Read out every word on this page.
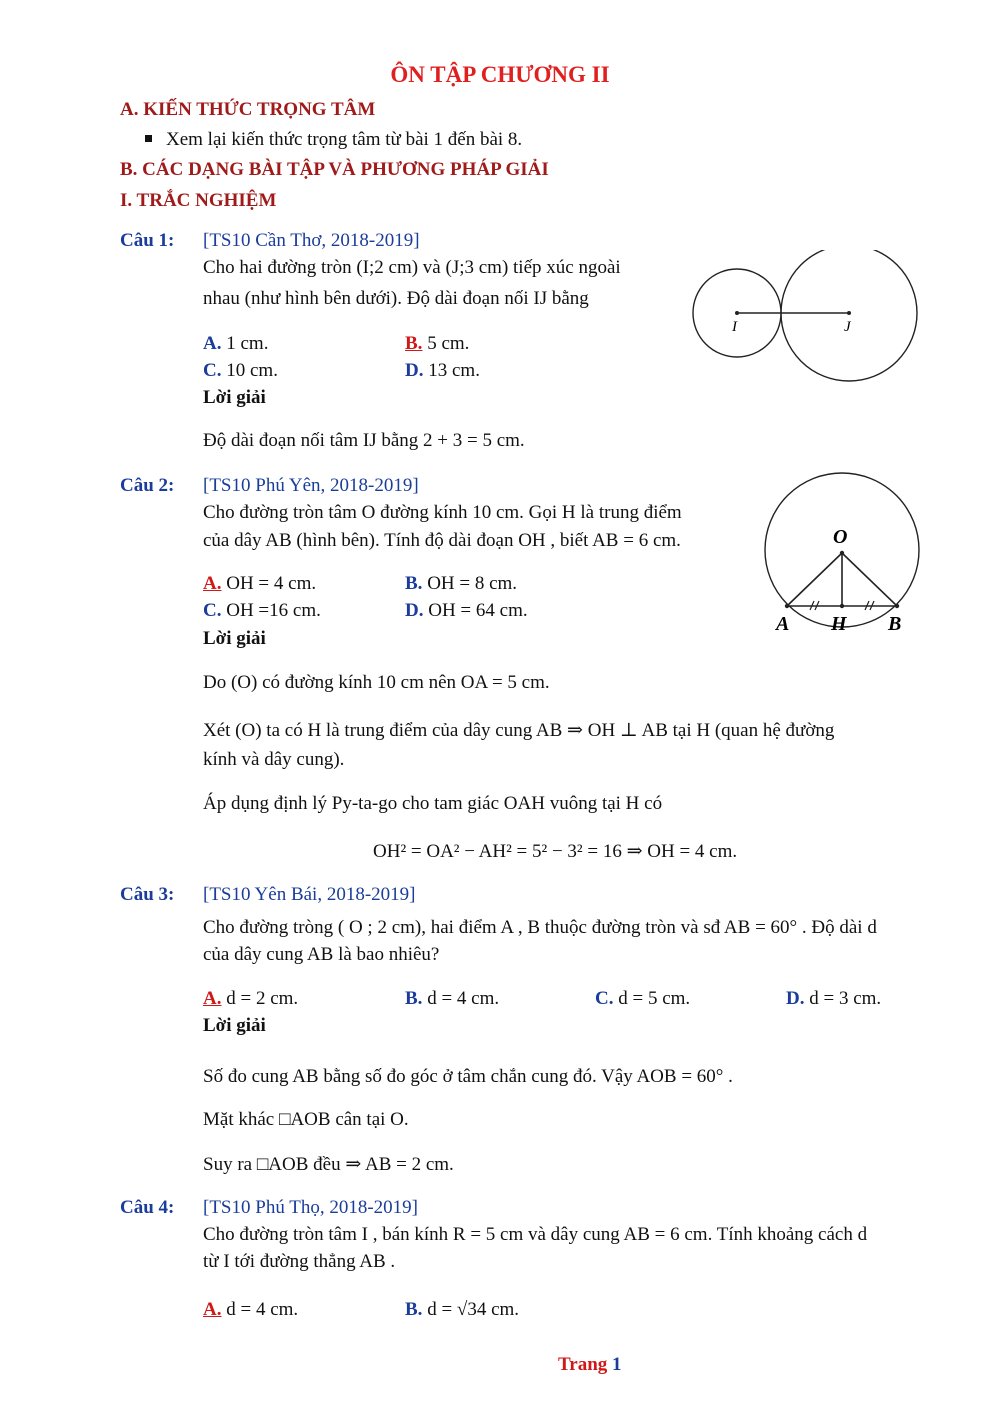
ÔN TẬP CHƯƠNG II
A. KIẾN THỨC TRỌNG TÂM
Xem lại kiến thức trọng tâm từ bài 1 đến bài 8.
B. CÁC DẠNG BÀI TẬP VÀ PHƯƠNG PHÁP GIẢI
I. TRẮC NGHIỆM
Câu 1: [TS10 Cần Thơ, 2018-2019]
Cho hai đường tròn (I;2 cm) và (J;3 cm) tiếp xúc ngoài
nhau (như hình bên dưới). Độ dài đoạn nối IJ bằng
A. 1 cm.	B. 5 cm.
C. 10 cm.	D. 13 cm.
Lời giải
Độ dài đoạn nối tâm IJ bằng 2 + 3 = 5 cm.
I	J
Câu 2: [TS10 Phú Yên, 2018-2019]
Cho đường tròn tâm O đường kính 10 cm. Gọi H là trung điểm
của dây AB (hình bên). Tính độ dài đoạn OH , biết AB = 6 cm.
A. OH = 4 cm.	B. OH = 8 cm.
C. OH =16 cm.	D. OH = 64 cm.
Lời giải
Do (O) có đường kính 10 cm nên OA = 5 cm.
Xét (O) ta có H là trung điểm của dây cung AB ⇒ OH ⊥ AB tại H (quan hệ đường
kính và dây cung).
Áp dụng định lý Py-ta-go cho tam giác OAH vuông tại H có
OH² = OA² − AH² = 5² − 3² = 16 ⇒ OH = 4 cm.
O
A H B
Câu 3: [TS10 Yên Bái, 2018-2019]
Cho đường tròng ( O ; 2 cm), hai điểm A , B thuộc đường tròn và sđ AB = 60° . Độ dài d
của dây cung AB là bao nhiêu?
A. d = 2 cm.	B. d = 4 cm.	C. d = 5 cm.	D. d = 3 cm.
Lời giải
Số đo cung AB bằng số đo góc ở tâm chắn cung đó. Vậy AOB = 60° .
Mặt khác □AOB cân tại O.
Suy ra □AOB đều ⇒ AB = 2 cm.
Câu 4: [TS10 Phú Thọ, 2018-2019]
Cho đường tròn tâm I , bán kính R = 5 cm và dây cung AB = 6 cm. Tính khoảng cách d
từ I tới đường thẳng AB .
A. d = 4 cm.	B. d = √34 cm.
Trang 1
